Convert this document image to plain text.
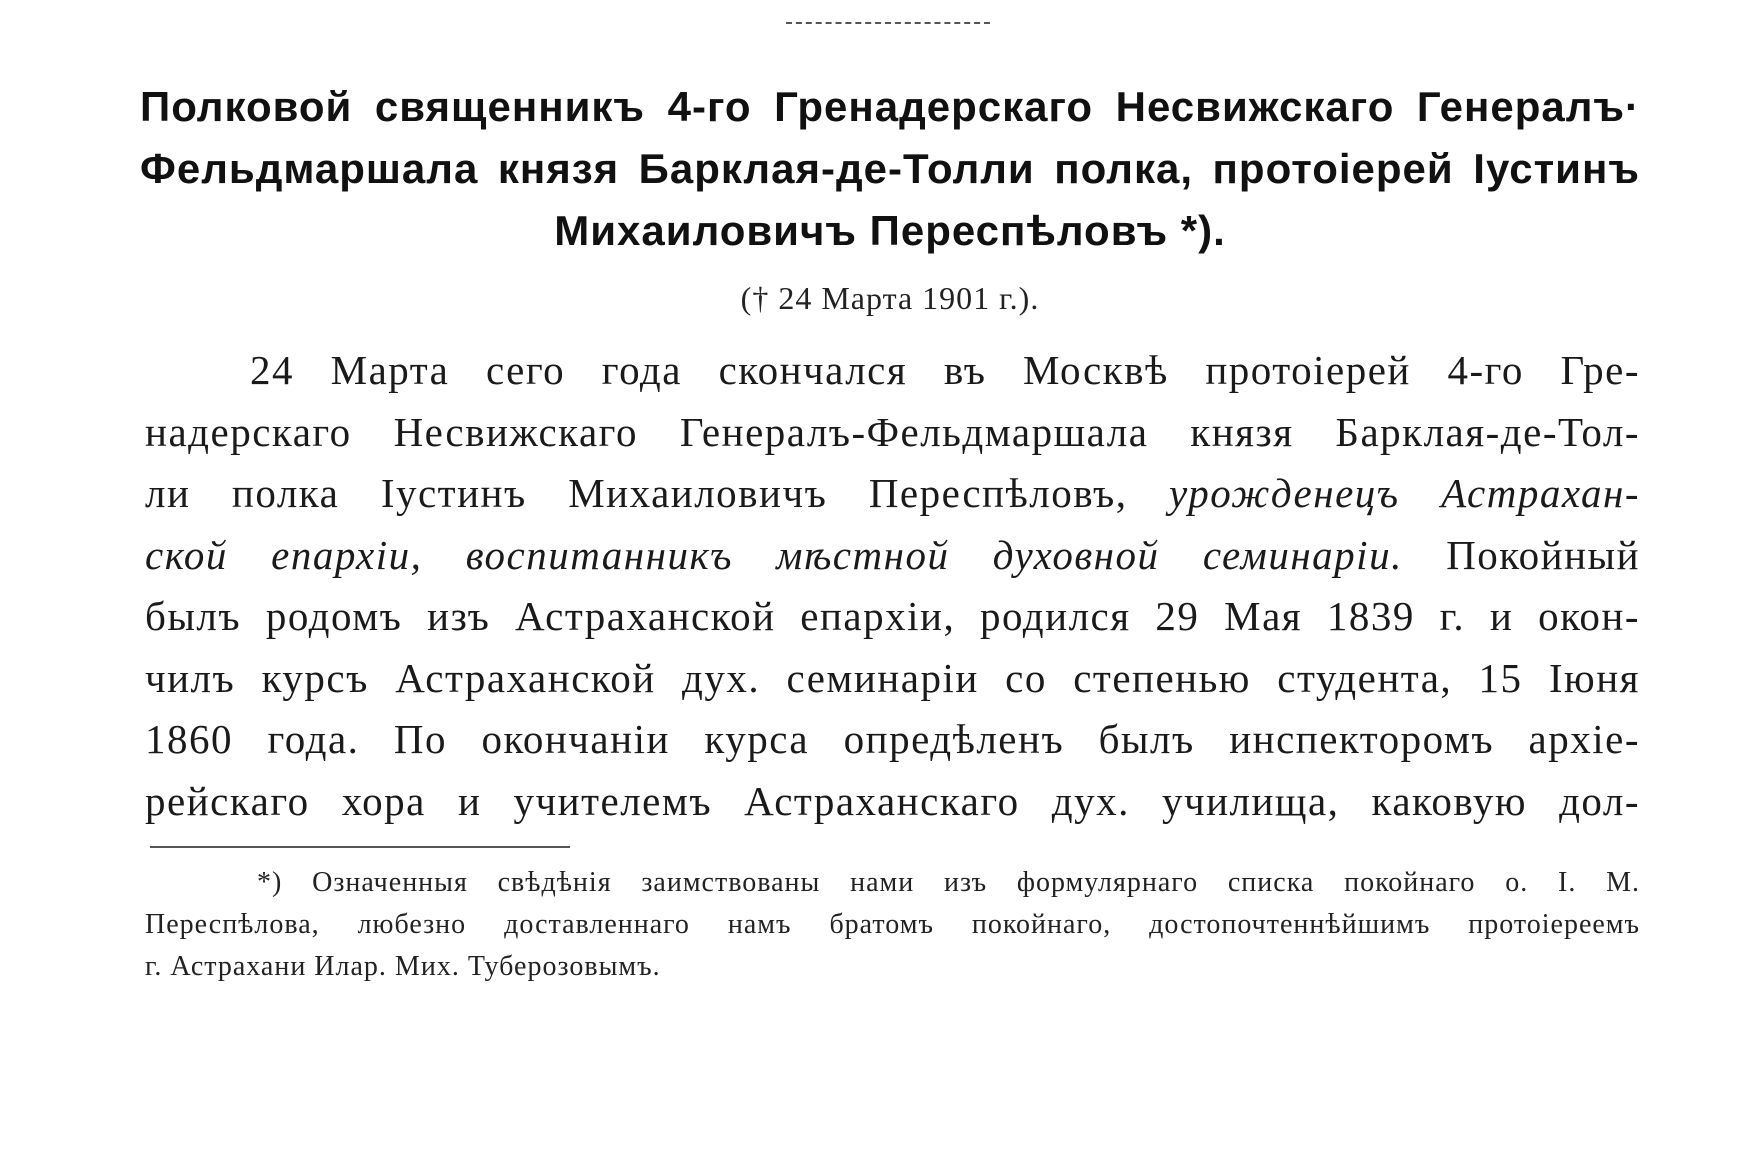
Полковой священникъ 4-го Гренадерскаго Несвижскаго Генералъ·
Фельдмаршала князя Барклая-де-Толли полка, протоіерей Іустинъ
Михаиловичъ Переспѣловъ *).
(† 24 Марта 1901 г.).
24 Марта сего года скончался въ Москвѣ протоіерей 4-го Гре-
надерскаго Несвижскаго Генералъ-Фельдмаршала князя Барклая-де-Тол-
ли полка Іустинъ Михаиловичъ Переспѣловъ, урожденецъ Астрахан-
ской епархіи, воспитанникъ мѣстной духовной семинаріи. Покойный
былъ родомъ изъ Астраханской епархіи, родился 29 Мая 1839 г. и окон-
чилъ курсъ Астраханской дух. семинаріи со степенью студента, 15 Іюня
1860 года. По окончаніи курса опредѣленъ былъ инспекторомъ архіе-
рейскаго хора и учителемъ Астраханскаго дух. училища, каковую дол-
*) Означенныя свѣдѣнія заимствованы нами изъ формулярнаго списка покойнаго о. І. М.
Переспѣлова, любезно доставленнаго намъ братомъ покойнаго, достопочтеннѣйшимъ протоіереемъ
г. Астрахани Илар. Мих. Туберозовымъ.
